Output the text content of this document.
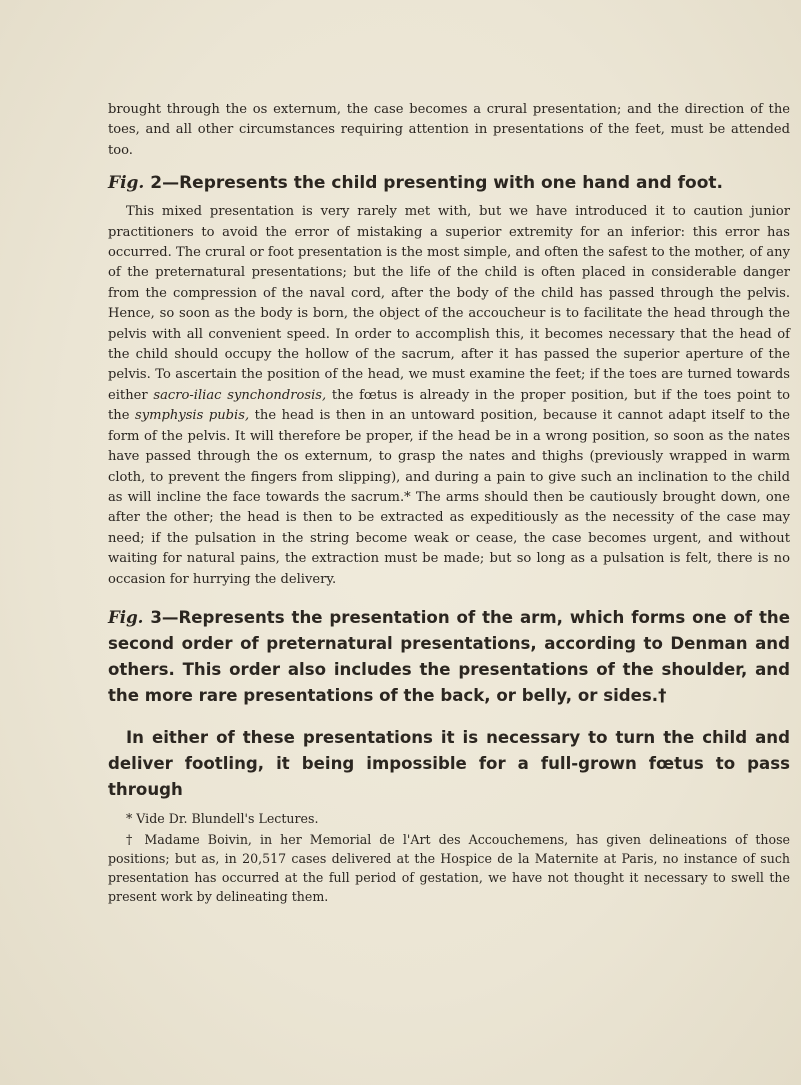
brought through the os externum, the case becomes a crural presentation; and the direction of the toes, and all other circumstances requiring attention in presentations of the feet, must be attended too.

Fig. 2—Represents the child presenting with one hand and foot.

This mixed presentation is very rarely met with, but we have introduced it to caution junior practitioners to avoid the error of mistaking a superior extremity for an inferior: this error has occurred. The crural or foot presentation is the most simple, and often the safest to the mother, of any of the preternatural presentations; but the life of the child is often placed in considerable danger from the compression of the naval cord, after the body of the child has passed through the pelvis. Hence, so soon as the body is born, the object of the accoucheur is to facilitate the head through the pelvis with all convenient speed. In order to accomplish this, it becomes necessary that the head of the child should occupy the hollow of the sacrum, after it has passed the superior aperture of the pelvis. To ascertain the position of the head, we must examine the feet; if the toes are turned towards either sacro-iliac synchondrosis, the fœtus is already in the proper position, but if the toes point to the symphysis pubis, the head is then in an untoward position, because it cannot adapt itself to the form of the pelvis. It will therefore be proper, if the head be in a wrong position, so soon as the nates have passed through the os externum, to grasp the nates and thighs (previously wrapped in warm cloth, to prevent the fingers from slipping), and during a pain to give such an inclination to the child as will incline the face towards the sacrum.* The arms should then be cautiously brought down, one after the other; the head is then to be extracted as expeditiously as the necessity of the case may need; if the pulsation in the string become weak or cease, the case becomes urgent, and without waiting for natural pains, the extraction must be made; but so long as a pulsation is felt, there is no occasion for hurrying the delivery.

Fig. 3—Represents the presentation of the arm, which forms one of the second order of preternatural presentations, according to Denman and others. This order also includes the presentations of the shoulder, and the more rare presentations of the back, or belly, or sides.†
In either of these presentations it is necessary to turn the child and deliver footling, it being impossible for a full-grown fœtus to pass through

* Vide Dr. Blundell's Lectures.

† Madame Boivin, in her Memorial de l'Art des Accouchemens, has given delineations of those positions; but as, in 20,517 cases delivered at the Hospice de la Maternite at Paris, no instance of such presentation has occurred at the full period of gestation, we have not thought it necessary to swell the present work by delineating them.
